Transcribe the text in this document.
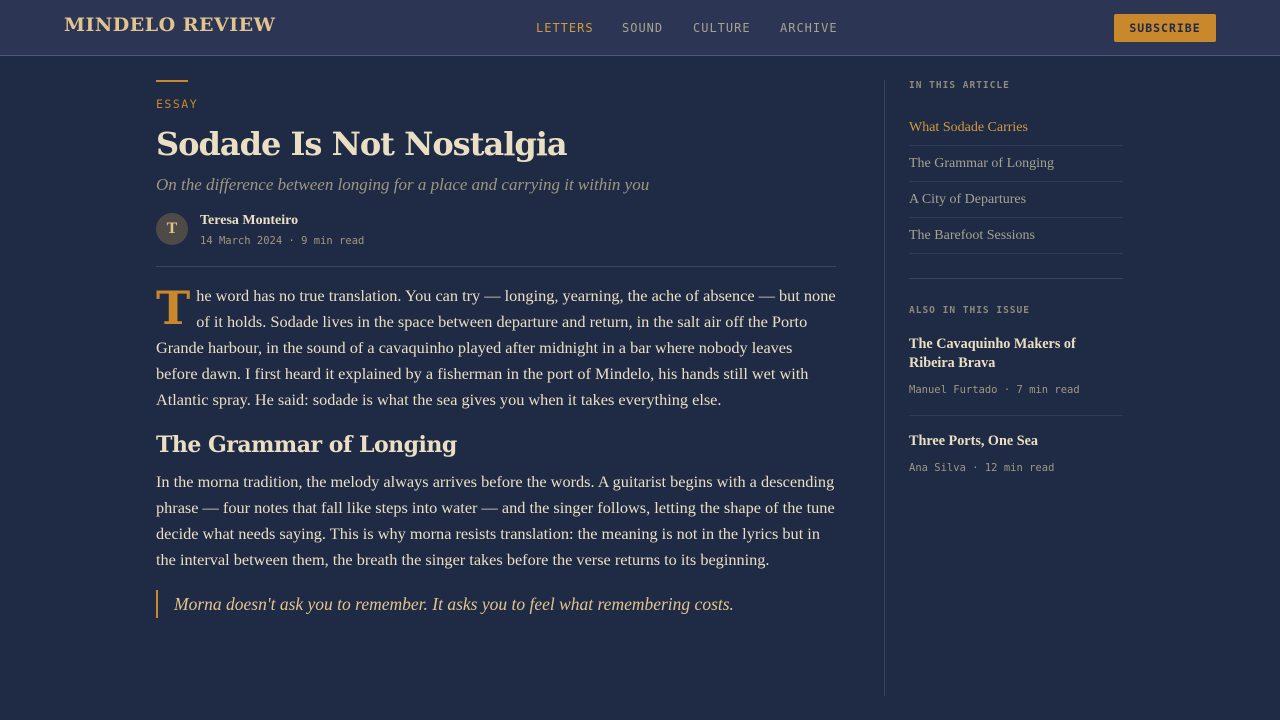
MINDELO REVIEW	LETTERS SOUND CULTURE ARCHIVE	SUBSCRIBE
ESSAY
Sodade Is Not Nostalgia

On the difference between longing for a place and carrying it within you

T	Teresa Monteiro
14 March 2024 · 9 min read

The word has no true translation. You can try — longing, yearning, the ache of absence — but none of it holds. Sodade lives in the space between departure and return, in the salt air off the Porto Grande harbour, in the sound of a cavaquinho played after midnight in a bar where nobody leaves before dawn. I first heard it explained by a fisherman in the port of Mindelo, his hands still wet with Atlantic spray. He said: sodade is what the sea gives you when it takes everything else.

The Grammar of Longing

In the morna tradition, the melody always arrives before the words. A guitarist begins with a descending phrase — four notes that fall like steps into water — and the singer follows, letting the shape of the tune decide what needs saying. This is why morna resists translation: the meaning is not in the lyrics but in the interval between them, the breath the singer takes before the verse returns to its beginning.

Morna doesn't ask you to remember. It asks you to feel what remembering costs.
IN THIS ARTICLE
What Sodade Carries
The Grammar of Longing
A City of Departures
The Barefoot Sessions
ALSO IN THIS ISSUE
The Cavaquinho Makers of Ribeira Brava
Manuel Furtado · 7 min read
Three Ports, One Sea
Ana Silva · 12 min read
